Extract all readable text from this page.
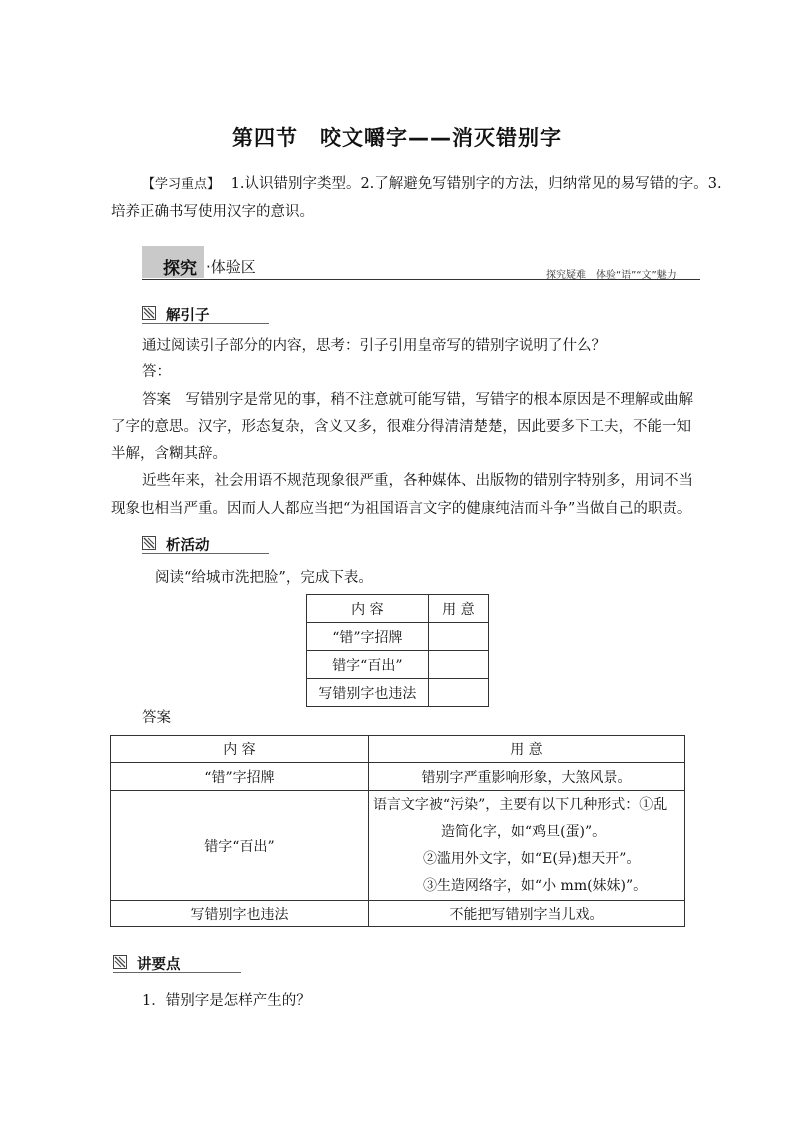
第四节　咬文嚼字——消灭错别字
【学习重点】 1.认识错别字类型。2.了解避免写错别字的方法，归纳常见的易写错的字。3.
培养正确书写使用汉字的意识。
探究 ·体验区	探究疑难　体验“语”“文”魅力
解引子
通过阅读引子部分的内容，思考：引子引用皇帝写的错别字说明了什么？
答：
答案　写错别字是常见的事，稍不注意就可能写错，写错字的根本原因是不理解或曲解
了字的意思。汉字，形态复杂，含义又多，很难分得清清楚楚，因此要多下工夫，不能一知
半解，含糊其辞。
近些年来，社会用语不规范现象很严重，各种媒体、出版物的错别字特别多，用词不当
现象也相当严重。因而人人都应当把“为祖国语言文字的健康纯洁而斗争”当做自己的职责。
析活动
阅读“给城市洗把脸”，完成下表。
内 容	用 意
“错”字招牌	
错字“百出”	
写错别字也违法	
答案
内 容	用 意
“错”字招牌	错别字严重影响形象，大煞风景。
错字“百出”	语言文字被“污染”，主要有以下几种形式：①乱
造简化字，如“鸡旦(蛋)”。
②滥用外文字，如“E(异)想天开”。
③生造网络字，如“小 mm(妹妹)”。

写错别字也违法	不能把写错别字当儿戏。
讲要点
1．错别字是怎样产生的？
